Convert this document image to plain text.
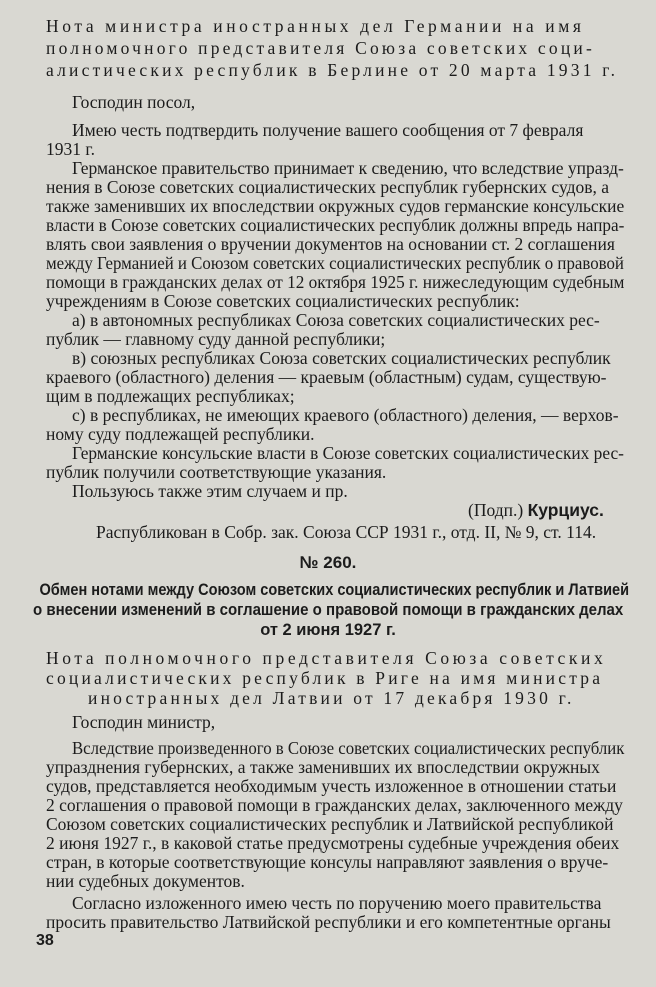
Нота министра иностранных дел Германии на имя
полномочного представителя Союза советских соци-
алистических республик в Берлине от 20 марта 1931 г.
Господин посол,
Имею честь подтвердить получение вашего сообщения от 7 февраля
1931 г.
Германское правительство принимает к сведению, что вследствие упразд-
нения в Союзе советских социалистических республик губернских судов, а
также заменивших их впоследствии окружных судов германские консульские
власти в Союзе советских социалистических республик должны впредь напра-
влять свои заявления о вручении документов на основании ст. 2 соглашения
между Германией и Союзом советских социалистических республик о правовой
помощи в гражданских делах от 12 октября 1925 г. нижеследующим судебным
учреждениям в Союзе советских социалистических республик:
а) в автономных республиках Союза советских социалистических рес-
публик — главному суду данной республики;
в) союзных республиках Союза советских социалистических республик
краевого (областного) деления — краевым (областным) судам, существую-
щим в подлежащих республиках;
с) в республиках, не имеющих краевого (областного) деления, — верхов-
ному суду подлежащей республики.
Германские консульские власти в Союзе советских социалистических рес-
публик получили соответствующие указания.
Пользуюсь также этим случаем и пр.
(Подп.) Курциус.
Распубликован в Собр. зак. Союза ССР 1931 г., отд. II, № 9, ст. 114.
№ 260.
Обмен нотами между Союзом советских социалистических республик и Латвией
о внесении изменений в соглашение о правовой помощи в гражданских делах
от 2 июня 1927 г.
Нота полномочного представителя Союза советских
социалистических республик в Риге на имя министра
иностранных дел Латвии от 17 декабря 1930 г.
Господин министр,
Вследствие произведенного в Союзе советских социалистических республик
упразднения губернских, а также заменивших их впоследствии окружных
судов, представляется необходимым учесть изложенное в отношении статьи
2 соглашения о правовой помощи в гражданских делах, заключенного между
Союзом советских социалистических республик и Латвийской республикой
2 июня 1927 г., в каковой статье предусмотрены судебные учреждения обеих
стран, в которые соответствующие консулы направляют заявления о вруче-
нии судебных документов.
Согласно изложенного имею честь по поручению моего правительства
просить правительство Латвийской республики и его компетентные органы
38
